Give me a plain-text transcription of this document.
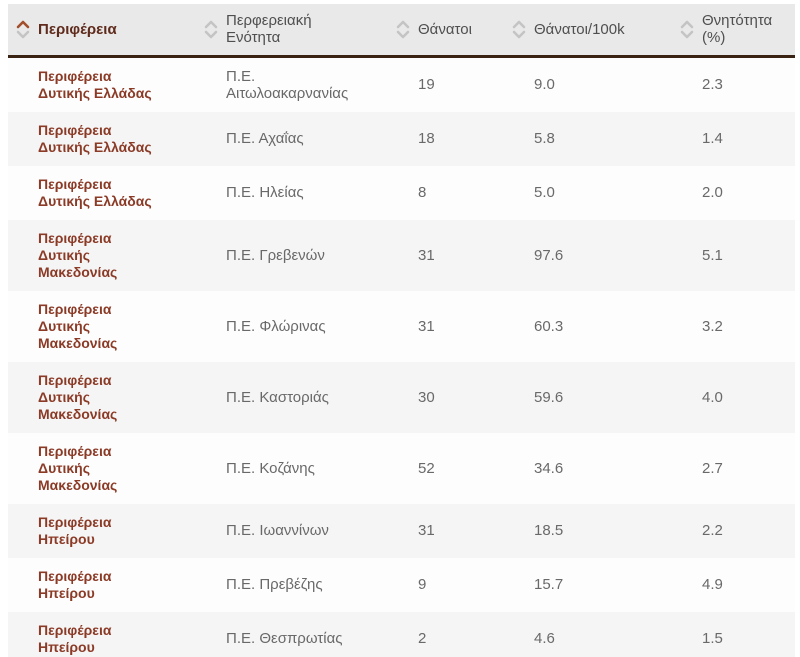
Περιφέρεια	Περφερειακή Ενότητα	Θάνατοι	Θάνατοι/100k	Θνητότητα (%)

Περιφέρεια Δυτικής Ελλάδας	Π.Ε. Αιτωλοακαρνανίας	19	9.0	2.3
Περιφέρεια Δυτικής Ελλάδας	Π.Ε. Αχαΐας	18	5.8	1.4
Περιφέρεια Δυτικής Ελλάδας	Π.Ε. Ηλείας	8	5.0	2.0
Περιφέρεια Δυτικής Μακεδονίας	Π.Ε. Γρεβενών	31	97.6	5.1
Περιφέρεια Δυτικής Μακεδονίας	Π.Ε. Φλώρινας	31	60.3	3.2
Περιφέρεια Δυτικής Μακεδονίας	Π.Ε. Καστοριάς	30	59.6	4.0
Περιφέρεια Δυτικής Μακεδονίας	Π.Ε. Κοζάνης	52	34.6	2.7
Περιφέρεια Ηπείρου	Π.Ε. Ιωαννίνων	31	18.5	2.2
Περιφέρεια Ηπείρου	Π.Ε. Πρεβέζης	9	15.7	4.9
Περιφέρεια Ηπείρου	Π.Ε. Θεσπρωτίας	2	4.6	1.5
